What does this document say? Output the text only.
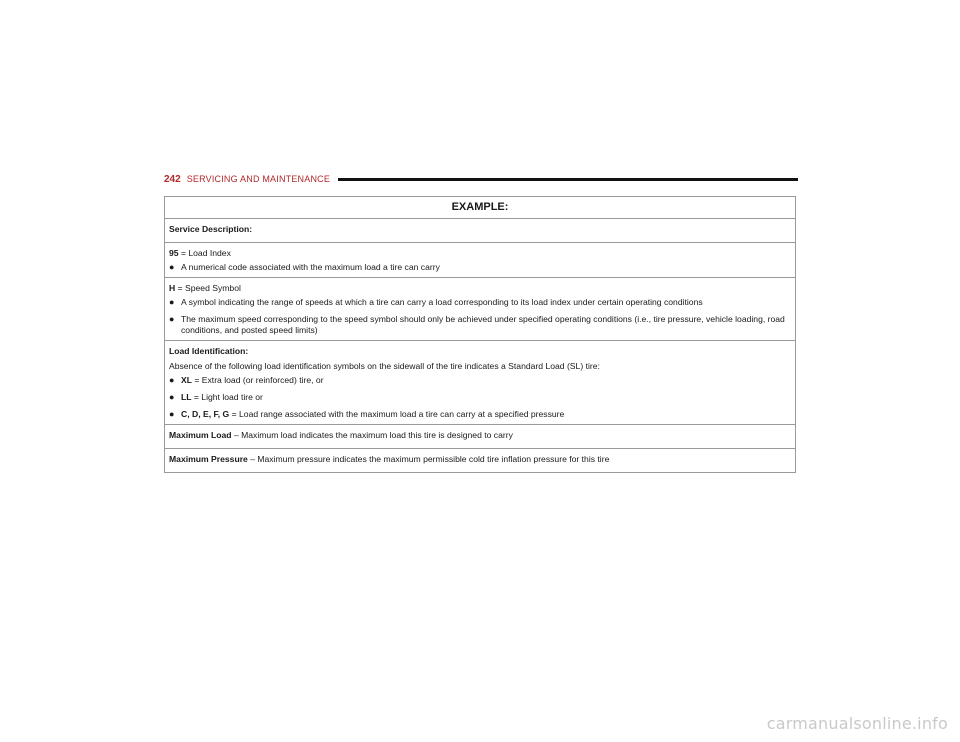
242 SERVICING AND MAINTENANCE
EXAMPLE:
Service Description:
95 = Load Index
● A numerical code associated with the maximum load a tire can carry
H = Speed Symbol
● A symbol indicating the range of speeds at which a tire can carry a load corresponding to its load index under certain operating conditions
● The maximum speed corresponding to the speed symbol should only be achieved under specified operating conditions (i.e., tire pressure, vehicle loading, road conditions, and posted speed limits)
Load Identification:
Absence of the following load identification symbols on the sidewall of the tire indicates a Standard Load (SL) tire:
● XL = Extra load (or reinforced) tire, or
● LL = Light load tire or
● C, D, E, F, G = Load range associated with the maximum load a tire can carry at a specified pressure
Maximum Load – Maximum load indicates the maximum load this tire is designed to carry
Maximum Pressure – Maximum pressure indicates the maximum permissible cold tire inflation pressure for this tire
carmanualsonline.info
